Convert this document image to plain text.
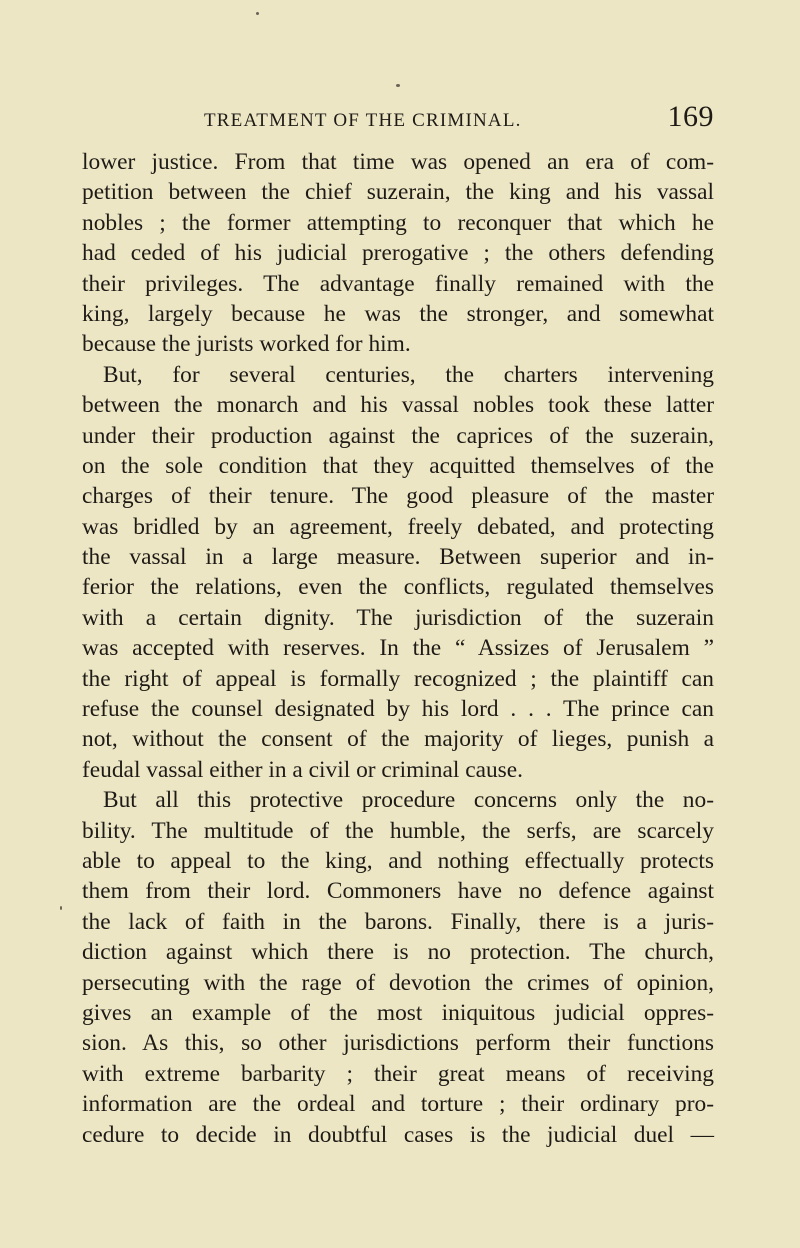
TREATMENT OF THE CRIMINAL.	169
lower justice. From that time was opened an era of com-
petition between the chief suzerain, the king and his vassal
nobles ; the former attempting to reconquer that which he
had ceded of his judicial prerogative ; the others defending
their privileges. The advantage finally remained with the
king, largely because he was the stronger, and somewhat
because the jurists worked for him.
But, for several centuries, the charters intervening
between the monarch and his vassal nobles took these latter
under their production against the caprices of the suzerain,
on the sole condition that they acquitted themselves of the
charges of their tenure. The good pleasure of the master
was bridled by an agreement, freely debated, and protecting
the vassal in a large measure. Between superior and in-
ferior the relations, even the conflicts, regulated themselves
with a certain dignity. The jurisdiction of the suzerain
was accepted with reserves. In the “ Assizes of Jerusalem ”
the right of appeal is formally recognized ; the plaintiff can
refuse the counsel designated by his lord . . . The prince can
not, without the consent of the majority of lieges, punish a
feudal vassal either in a civil or criminal cause.
But all this protective procedure concerns only the no-
bility. The multitude of the humble, the serfs, are scarcely
able to appeal to the king, and nothing effectually protects
them from their lord. Commoners have no defence against
the lack of faith in the barons. Finally, there is a juris-
diction against which there is no protection. The church,
persecuting with the rage of devotion the crimes of opinion,
gives an example of the most iniquitous judicial oppres-
sion. As this, so other jurisdictions perform their functions
with extreme barbarity ; their great means of receiving
information are the ordeal and torture ; their ordinary pro-
cedure to decide in doubtful cases is the judicial duel —
